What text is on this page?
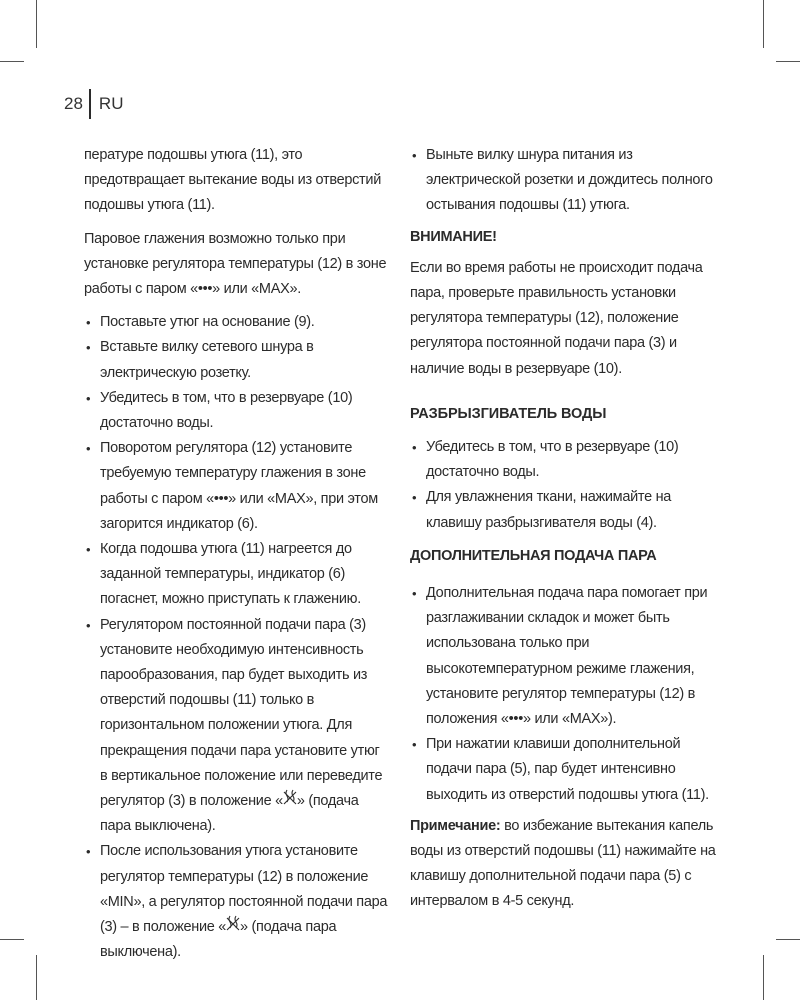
28 RU

пературе подошвы утюга (11), это предотвращает вытекание воды из отверстий подошвы утюга (11).

Паровое глажения возможно только при установке регулятора температуры (12) в зоне работы с паром «•••» или «MAX».

• Поставьте утюг на основание (9).
• Вставьте вилку сетевого шнура в электрическую розетку.
• Убедитесь в том, что в резервуаре (10) достаточно воды.
• Поворотом регулятора (12) установите требуемую температуру глажения в зоне работы с паром «•••» или «MAX», при этом загорится индикатор (6).
• Когда подошва утюга (11) нагреется до заданной температуры, индикатор (6) погаснет, можно приступать к глажению.
• Регулятором постоянной подачи пара (3) установите необходимую интенсивность парообразования, пар будет выходить из отверстий подошвы (11) только в горизонтальном положении утюга. Для прекращения подачи пара установите утюг в вертикальное положение или переведите регулятор (3) в положение « » (подача пара выключена).
• После использования утюга установите регулятор температуры (12) в положение «MIN», а регулятор постоянной подачи пара (3) – в положение « » (подача пара выключена).
• Выньте вилку шнура питания из электрической розетки и дождитесь полного остывания подошвы (11) утюга.
ВНИМАНИЕ!

Если во время работы не происходит подача пара, проверьте правильность установки регулятора температуры (12), положение регулятора постоянной подачи пара (3) и наличие воды в резервуаре (10).

РАЗБРЫЗГИВАТЕЛЬ ВОДЫ
• Убедитесь в том, что в резервуаре (10) достаточно воды.
• Для увлажнения ткани, нажимайте на клавишу разбрызгивателя воды (4).
ДОПОЛНИТЕЛЬНАЯ ПОДАЧА ПАРА
• Дополнительная подача пара помогает при разглаживании складок и может быть использована только при высокотемпературном режиме глажения, установите регулятор температуры (12) в положения «•••» или «MAX»).
• При нажатии клавиши дополнительной подачи пара (5), пар будет интенсивно выходить из отверстий подошвы утюга (11).

Примечание: во избежание вытекания капель воды из отверстий подошвы (11) нажимайте на клавишу дополнительной подачи пара (5) с интервалом в 4-5 секунд.
